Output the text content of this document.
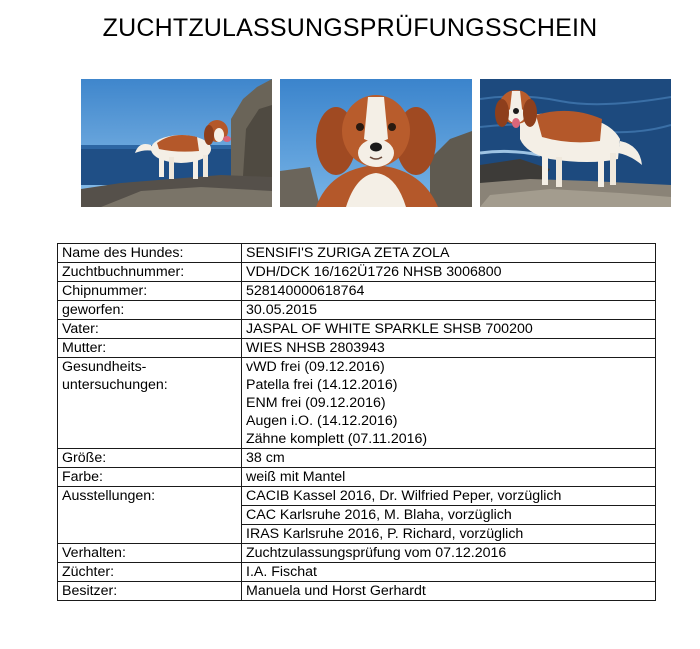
ZUCHTZULASSUNGSPRÜFUNGSSCHEIN
Name des Hundes:	SENSIFI'S ZURIGA ZETA ZOLA
Zuchtbuchnummer:	VDH/DCK 16/162Ü1726 NHSB 3006800
Chipnummer:	528140000618764
geworfen:	30.05.2015
Vater:	JASPAL OF WHITE SPARKLE SHSB 700200
Mutter:	WIES NHSB 2803943

Gesundheits-
untersuchungen:	vWD frei (09.12.2016)
Patella frei (14.12.2016)
ENM frei (09.12.2016)
Augen i.O. (14.12.2016)
Zähne komplett (07.11.2016)

Größe:	38 cm
Farbe:	weiß mit Mantel
Ausstellungen:	CACIB Kassel 2016, Dr. Wilfried Peper, vorzüglich
	CAC Karlsruhe 2016, M. Blaha, vorzüglich
	IRAS Karlsruhe 2016, P. Richard, vorzüglich
Verhalten:	Zuchtzulassungsprüfung vom 07.12.2016
Züchter:	I.A. Fischat
Besitzer:	Manuela und Horst Gerhardt
